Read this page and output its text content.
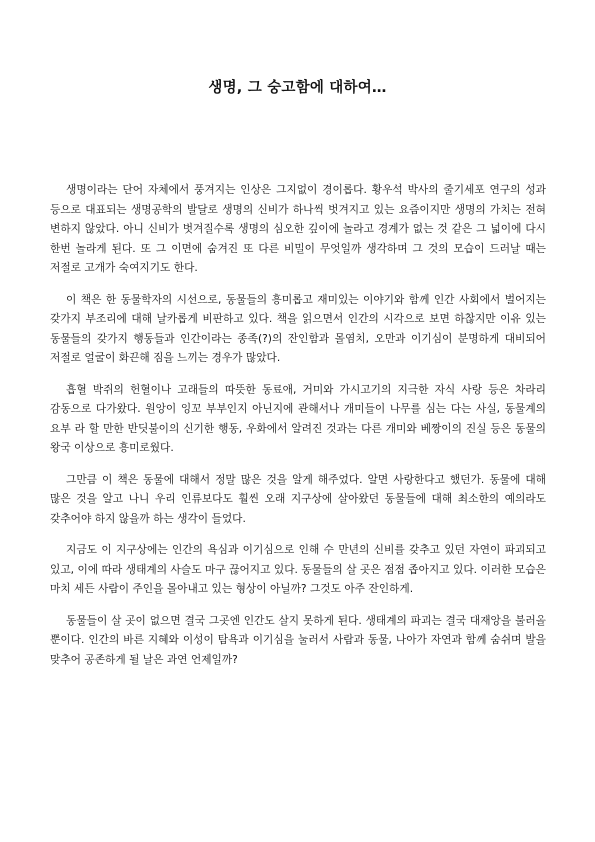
생명, 그 숭고함에 대하여…

생명이라는 단어 자체에서 풍겨지는 인상은 그지없이 경이롭다. 황우석 박사의 줄기세포 연구의 성과 등으로 대표되는 생명공학의 발달로 생명의 신비가 하나씩 벗겨지고 있는 요즘이지만 생명의 가치는 전혀 변하지 않았다. 아니 신비가 벗겨질수록 생명의 심오한 깊이에 놀라고 경계가 없는 것 같은 그 넓이에 다시 한번 놀라게 된다. 또 그 이면에 숨겨진 또 다른 비밀이 무엇일까 생각하며 그 것의 모습이 드러날 때는 저절로 고개가 숙여지기도 한다.

이 책은 한 동물학자의 시선으로, 동물들의 흥미롭고 재미있는 이야기와 함께 인간 사회에서 벌어지는 갖가지 부조리에 대해 날카롭게 비판하고 있다. 책을 읽으면서 인간의 시각으로 보면 하찮지만 이유 있는 동물들의 갖가지 행동들과 인간이라는 종족(?)의 잔인함과 몰염치, 오만과 이기심이 분명하게 대비되어 저절로 얼굴이 화끈해 짐을 느끼는 경우가 많았다.

흡혈 박쥐의 헌혈이나 고래들의 따뜻한 동료애, 거미와 가시고기의 지극한 자식 사랑 등은 차라리 감동으로 다가왔다. 원앙이 잉꼬 부부인지 아닌지에 관해서나 개미들이 나무를 심는 다는 사실, 동물계의 요부 라 할 만한 반딧불이의 신기한 행동, 우화에서 알려진 것과는 다른 개미와 베짱이의 진실 등은 동물의 왕국 이상으로 흥미로웠다.

그만큼 이 책은 동물에 대해서 정말 많은 것을 알게 해주었다. 알면 사랑한다고 했던가. 동물에 대해 많은 것을 알고 나니 우리 인류보다도 훨씬 오래 지구상에 살아왔던 동물들에 대해 최소한의 예의라도 갖추어야 하지 않을까 하는 생각이 들었다.

지금도 이 지구상에는 인간의 욕심과 이기심으로 인해 수 만년의 신비를 갖추고 있던 자연이 파괴되고 있고, 이에 따라 생태계의 사슬도 마구 끊어지고 있다. 동물들의 살 곳은 점점 좁아지고 있다. 이러한 모습은 마치 세든 사람이 주인을 몰아내고 있는 형상이 아닐까? 그것도 아주 잔인하게.

동물들이 살 곳이 없으면 결국 그곳엔 인간도 살지 못하게 된다. 생태계의 파괴는 결국 대재앙을 불러올 뿐이다. 인간의 바른 지혜와 이성이 탐욕과 이기심을 눌러서 사람과 동물, 나아가 자연과 함께 숨쉬며 발을 맞추어 공존하게 될 날은 과연 언제일까?
